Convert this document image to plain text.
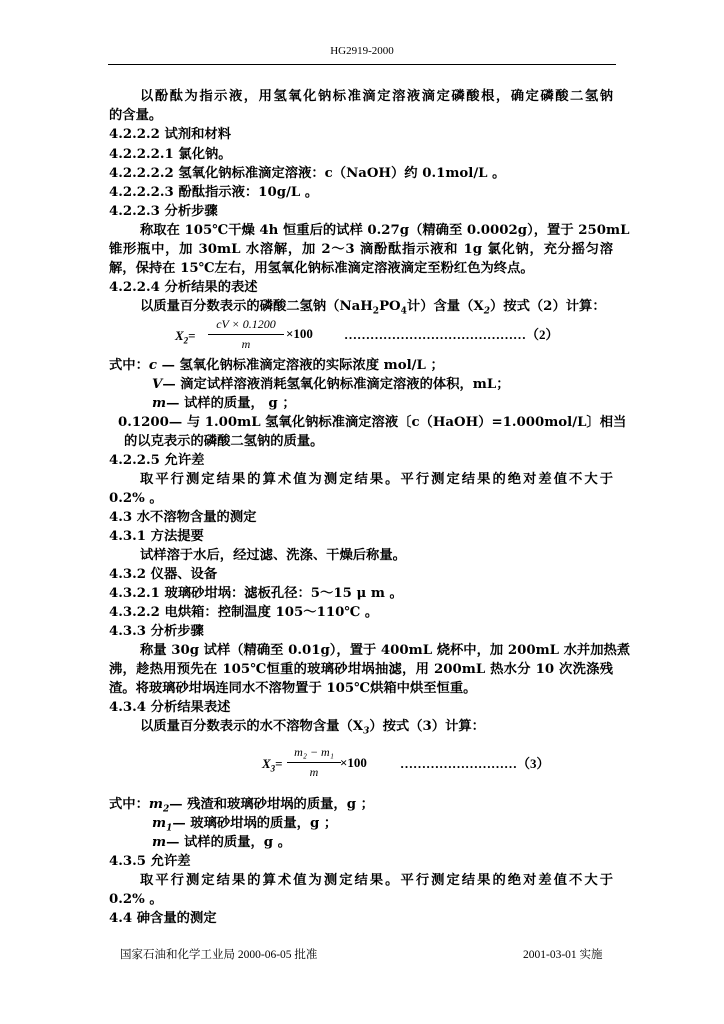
HG2919-2000
以酚酞为指示液，用氢氧化钠标准滴定溶液滴定磷酸根，确定磷酸二氢钠
的含量。
4.2.2.2 试剂和材料
4.2.2.2.1 氯化钠。
4.2.2.2.2 氢氧化钠标准滴定溶液：c（NaOH）约 0.1mol/L 。
4.2.2.2.3 酚酞指示液：10g/L 。
4.2.2.3 分析步骤
称取在 105℃干燥 4h 恒重后的试样 0.27g（精确至 0.0002g），置于 250mL
锥形瓶中，加 30mL 水溶解，加 2～3 滴酚酞指示液和 1g 氯化钠，充分摇匀溶
解，保持在 15℃左右，用氢氧化钠标准滴定溶液滴定至粉红色为终点。
4.2.2.4 分析结果的表述
以质量百分数表示的磷酸二氢钠（$NaH_2PO_4$计）含量$(X_2)$按式（2）计算：
$X_2=$
cV × 0.1200
m
×100 ……………………………………（2）
式中：c — 氢氧化钠标准滴定溶液的实际浓度 mol/L ；
V— 滴定试样溶液消耗氢氧化钠标准滴定溶液的体积，mL；
m— 试样的质量， g ；
0.1200— 与 1.00mL 氢氧化钠标准滴定溶液〔c（HaOH）=1.000mol/L〕相当
的以克表示的磷酸二氢钠的质量。
4.2.2.5 允许差
取平行测定结果的算术值为测定结果。平行测定结果的绝对差值不大于
0.2% 。
4.3 水不溶物含量的测定
4.3.1 方法提要
试样溶于水后，经过滤、洗涤、干燥后称量。
4.3.2 仪器、设备
4.3.2.1 玻璃砂坩埚：滤板孔径：5～15 μ m 。
4.3.2.2 电烘箱：控制温度 105～110℃ 。
4.3.3 分析步骤
称量 30g 试样（精确至 0.01g），置于 400mL 烧杯中，加 200mL 水并加热煮
沸，趁热用预先在 105℃恒重的玻璃砂坩埚抽滤，用 200mL 热水分 10 次洗涤残
渣。将玻璃砂坩埚连同水不溶物置于 105℃烘箱中烘至恒重。
4.3.4 分析结果表述
以质量百分数表示的水不溶物含量$(X_3)$按式（3）计算：
$X_3=$
m₂ − m₁
m
×100	………………………（3）
式中：$m_2—$ 残渣和玻璃砂坩埚的质量，g ；
$m_1—$ 玻璃砂坩埚的质量，g ；
m— 试样的质量，g 。
4.3.5 允许差
取平行测定结果的算术值为测定结果。平行测定结果的绝对差值不大于
0.2% 。
4.4 砷含量的测定
国家石油和化学工业局 2000-06-05 批准	2001-03-01 实施
